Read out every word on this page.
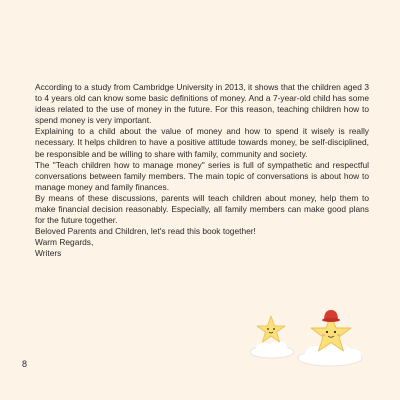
According to a study from Cambridge University in 2013, it shows that the children aged 3 to 4 years old can know some basic definitions of money. And a 7-year-old child has some ideas related to the use of money in the future. For this reason, teaching children how to spend money is very important.

Explaining to a child about the value of money and how to spend it wisely is really necessary. It helps children to have a positive attitude towards money, be self-disciplined, be responsible and be willing to share with family, community and society.

The "Teach children how to manage money" series is full of sympathetic and respectful conversations between family members. The main topic of conversations is about how to manage money and family finances.

By means of these discussions, parents will teach children about money, help them to make financial decision reasonably. Especially, all family members can make good plans for the future together.

Beloved Parents and Children, let's read this book together!

Warm Regards,

Writers

8
